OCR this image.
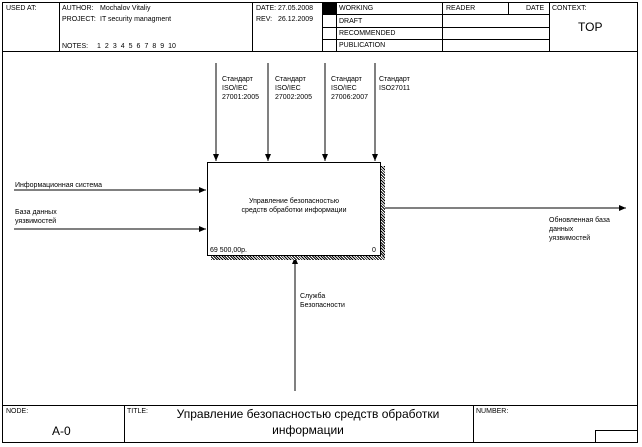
USED AT:	AUTHOR: Mochalov Vitaliy
PROJECT: IT security managment
NOTES: 1 2 3 4 5 6 7 8 9 10
DATE: 27.05.2008
REV: 26.12.2009
WORKING
DRAFT
RECOMMENDED
PUBLICATION
READER	DATE CONTEXT:
TOP
Управление безопасностью
средств обработки информации
69 500,00р.	0
Стандарт
ISO/IEC
27001:2005
Стандарт
ISO/IEC
27002:2005
Стандарт
ISO/IEC
27006:2007
Стандарт
ISO27011
Информационная система
База данных
уязвимостей	Обновленная база
данных
уязвимостей
Служба
Безопасности
NODE:
A-0
TITLE:	Управление безопасностью средств обработки
информации
NUMBER:
